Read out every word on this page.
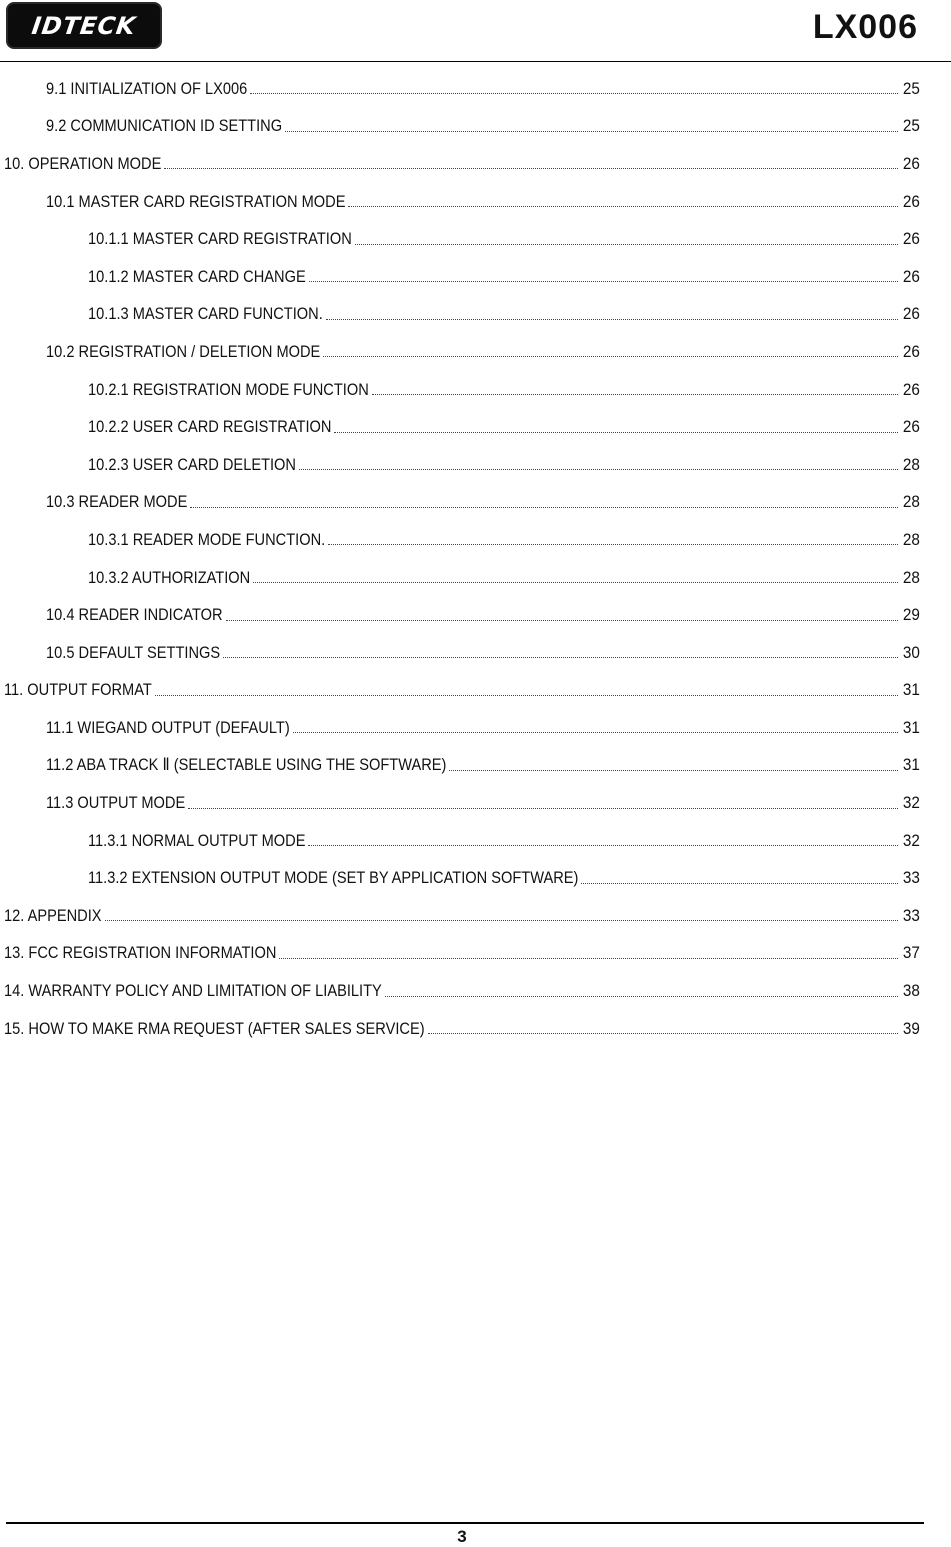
IDTECK	LX006
9.1 INITIALIZATION OF LX006	25
9.2 COMMUNICATION ID SETTING	25
10. OPERATION MODE	26
10.1 MASTER CARD REGISTRATION MODE	26
10.1.1 MASTER CARD REGISTRATION	26
10.1.2 MASTER CARD CHANGE	26
10.1.3 MASTER CARD FUNCTION.	26
10.2 REGISTRATION / DELETION MODE	26
10.2.1 REGISTRATION MODE FUNCTION	26
10.2.2 USER CARD REGISTRATION	26
10.2.3 USER CARD DELETION	28
10.3 READER MODE	28
10.3.1 READER MODE FUNCTION.	28
10.3.2 AUTHORIZATION	28
10.4 READER INDICATOR	29
10.5 DEFAULT SETTINGS	30
11. OUTPUT FORMAT	31
11.1 WIEGAND OUTPUT (DEFAULT)	31
11.2 ABA TRACK Ⅱ (SELECTABLE USING THE SOFTWARE)	31
11.3 OUTPUT MODE	32
11.3.1 NORMAL OUTPUT MODE	32
11.3.2 EXTENSION OUTPUT MODE (SET BY APPLICATION SOFTWARE)	33
12. APPENDIX	33
13. FCC REGISTRATION INFORMATION	37
14. WARRANTY POLICY AND LIMITATION OF LIABILITY	38
15. HOW TO MAKE RMA REQUEST (AFTER SALES SERVICE)	39
3
